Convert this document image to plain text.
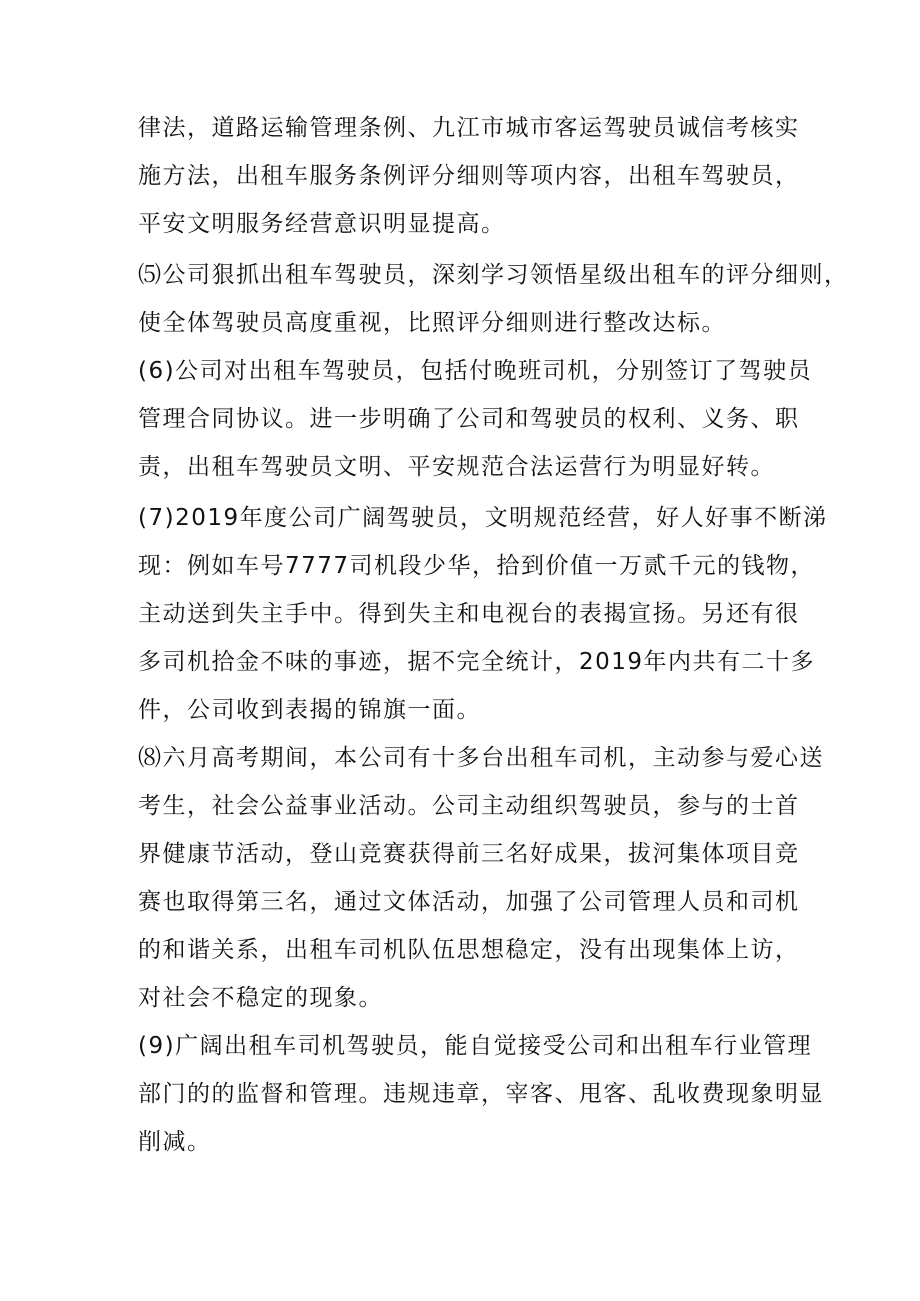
律法，道路运输管理条例、九江市城市客运驾驶员诚信考核实
施方法，出租车服务条例评分细则等项内容，出租车驾驶员，
平安文明服务经营意识明显提高。
⑸公司狠抓出租车驾驶员，深刻学习领悟星级出租车的评分细则，
使全体驾驶员高度重视，比照评分细则进行整改达标。
(6)公司对出租车驾驶员，包括付晚班司机，分别签订了驾驶员
管理合同协议。进一步明确了公司和驾驶员的权利、义务、职
责，出租车驾驶员文明、平安规范合法运营行为明显好转。
(7)2019年度公司广阔驾驶员，文明规范经营，好人好事不断涕
现：例如车号7777司机段少华，拾到价值一万贰千元的钱物，
主动送到失主手中。得到失主和电视台的表揭宣扬。另还有很
多司机拾金不味的事迹，据不完全统计，2019年内共有二十多
件，公司收到表揭的锦旗一面。
⑻六月高考期间，本公司有十多台出租车司机，主动参与爱心送
考生，社会公益事业活动。公司主动组织驾驶员，参与的士首
界健康节活动，登山竞赛获得前三名好成果，拔河集体项目竞
赛也取得第三名，通过文体活动，加强了公司管理人员和司机
的和谐关系，出租车司机队伍思想稳定，没有出现集体上访，
对社会不稳定的现象。
(9)广阔出租车司机驾驶员，能自觉接受公司和出租车行业管理
部门的的监督和管理。违规违章，宰客、甩客、乱收费现象明显
削减。
